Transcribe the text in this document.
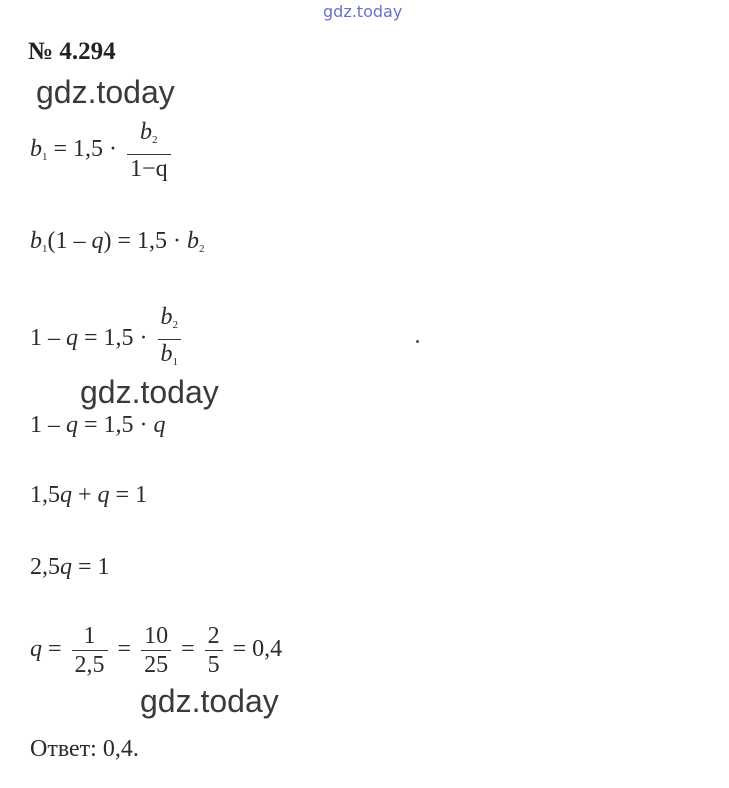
gdz.today
№ 4.294
gdz.today
$b_1 = 1,5 \cdot \frac{b_2}{1-q}$
$b_1(1 - q) = 1,5 \cdot b_2$
$1 - q = 1,5 \cdot \frac{b_2}{b_1}$
gdz.today
1 – q = 1,5 · q
1,5q + q = 1
2,5q = 1
$q = \frac{1}{2,5} = \frac{10}{25} = \frac{2}{5} = 0,4$
gdz.today
Ответ: 0,4.
